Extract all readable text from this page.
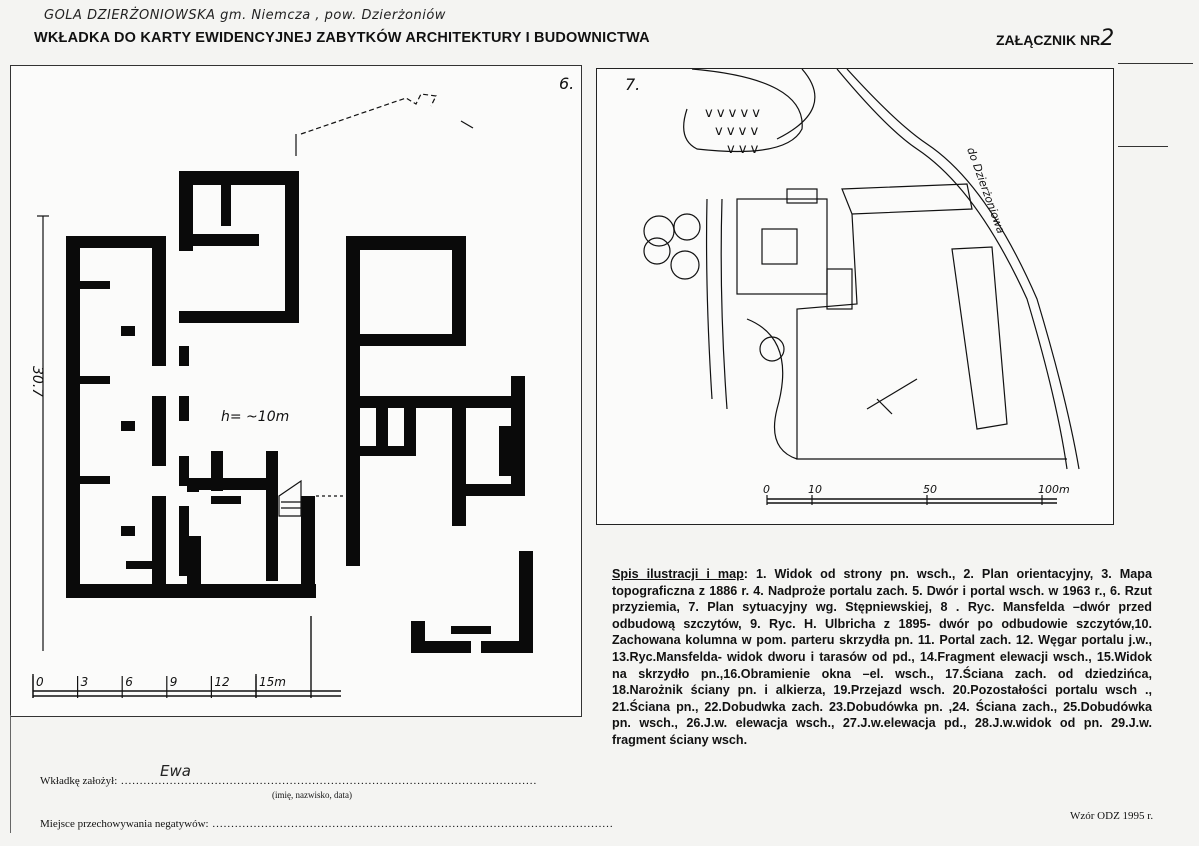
GOLA DZIERŻONIOWSKA gm. Niemcza , pow. Dzierżoniów
WKŁADKA DO KARTY EWIDENCYJNEJ ZABYTKÓW ARCHITEKTURY I BUDOWNICTWA	ZAŁĄCZNIK NR2
6.
30.7
h= ~10m
0	3	6	9	12 15m
7.
v v v v v
v v v v
v v v	do Dzierżoniowa
0	10	50	100m
Spis ilustracji i map: 1. Widok od strony pn. wsch., 2. Plan orientacyjny, 3. Mapa topograficzna z 1886 r. 4. Nadproże portalu zach. 5. Dwór i portal wsch. w 1963 r., 6. Rzut przyziemia, 7. Plan sytuacyjny wg. Stępniewskiej, 8 . Ryc. Mansfelda –dwór przed odbudową szczytów, 9. Ryc. H. Ulbricha z 1895- dwór po odbudowie szczytów,10. Zachowana kolumna w pom. parteru skrzydła pn. 11. Portal zach. 12. Węgar portalu j.w., 13.Ryc.Mansfelda- widok dworu i tarasów od pd., 14.Fragment elewacji wsch., 15.Widok na skrzydło pn.,16.Obramienie okna –el. wsch., 17.Ściana zach. od dziedzińca, 18.Narożnik ściany pn. i alkierza, 19.Przejazd wsch. 20.Pozostałości portalu wsch ., 21.Ściana pn., 22.Dobudwka zach. 23.Dobudówka pn. ,24. Ściana zach., 25.Dobudówka pn. wsch., 26.J.w. elewacja wsch., 27.J.w.elewacja pd., 28.J.w.widok od pn. 29.J.w. fragment ściany wsch.
Wkładkę założył: ...............................................................................................................
Ewa
(imię, nazwisko, data)
Miejsce przechowywania negatywów: ...........................................................................................................
Wzór ODZ 1995 r.
